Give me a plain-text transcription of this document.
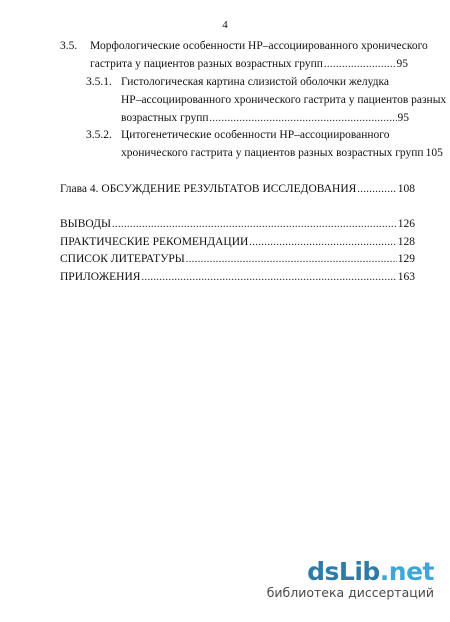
4
3.5. Морфологические особенности HP–ассоциированного хронического
гастрита у пациентов разных возрастных групп .....	95
3.5.1. Гистологическая картина слизистой оболочки желудка
HP–ассоциированного хронического гастрита у пациентов разных
возрастных групп .....	95
3.5.2. Цитогенетические особенности HP–ассоциированного
хронического гастрита у пациентов разных возрастных групп 105
Глава 4. ОБСУЖДЕНИЕ РЕЗУЛЬТАТОВ ИССЛЕДОВАНИЯ .....	108
ВЫВОДЫ .....	126
ПРАКТИЧЕСКИЕ РЕКОМЕНДАЦИИ .....	128
СПИСОК ЛИТЕРАТУРЫ .....	129
ПРИЛОЖЕНИЯ .....	163
dsLib.net
библиотека диссертаций
